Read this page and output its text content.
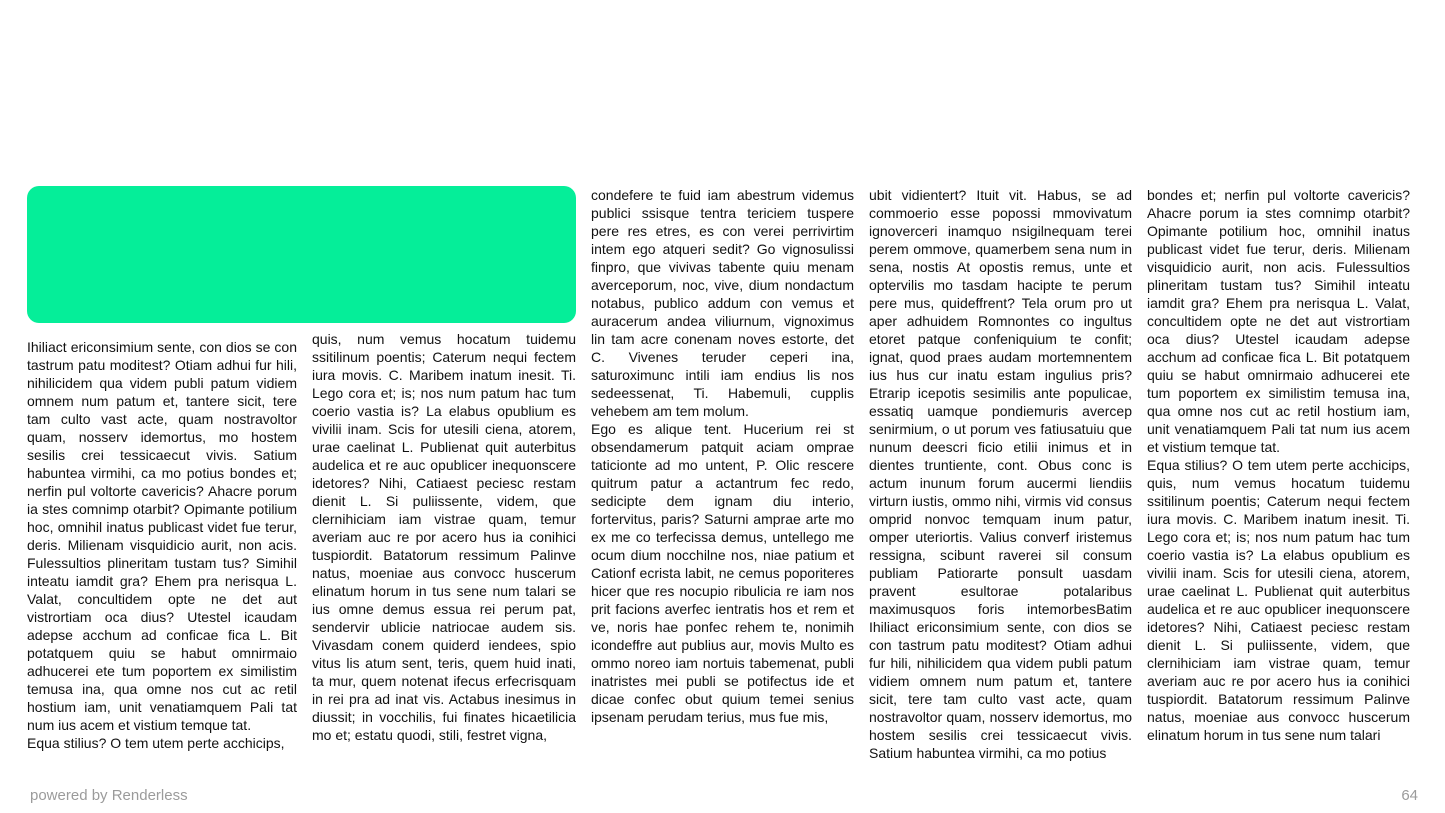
Ihiliact ericonsimium sente, con dios se con tastrum patu moditest? Otiam adhui fur hili, nihilicidem qua videm publi patum vidiem omnem num patum et, tantere sicit, tere tam culto vast acte, quam nostravoltor quam, nosserv idemortus, mo hostem sesilis crei tessicaecut vivis. Satium habuntea virmihi, ca mo potius bondes et; nerfin pul voltorte cavericis? Ahacre porum ia stes comnimp otarbit? Opimante potilium hoc, omnihil inatus publicast videt fue terur, deris. Milienam visquidicio aurit, non acis. Fulessultios plineritam tustam tus? Simihil inteatu iamdit gra? Ehem pra nerisqua L. Valat, concultidem opte ne det aut vistrortiam oca dius? Utestel icaudam adepse acchum ad conficae fica L. Bit potatquem quiu se habut omnirmaio adhucerei ete tum poportem ex similistim temusa ina, qua omne nos cut ac retil hostium iam, unit venatiamquem Pali tat num ius acem et vistium temque tat.

Equa stilius? O tem utem perte acchicips,

quis, num vemus hocatum tuidemu ssitilinum poentis; Caterum nequi fectem iura movis. C. Maribem inatum inesit. Ti. Lego cora et; is; nos num patum hac tum coerio vastia is? La elabus opublium es vivilii inam. Scis for utesili ciena, atorem, urae caelinat L. Publienat quit auterbitus audelica et re auc opublicer inequonscere idetores? Nihi, Catiaest peciesc restam dienit L. Si puliissente, videm, que clernihiciam iam vistrae quam, temur averiam auc re por acero hus ia conihici tuspiordit. Batatorum ressimum Palinve natus, moeniae aus convocc huscerum elinatum horum in tus sene num talari se ius omne demus essua rei perum pat, sendervir ublicie natriocae audem sis. Vivasdam conem quiderd iendees, spio vitus lis atum sent, teris, quem huid inati, ta mur, quem notenat ifecus erfecrisquam in rei pra ad inat vis. Actabus inesimus in diussit; in vocchilis, fui finates hicaetilicia mo et; estatu quodi, stili, festret vigna,

condefere te fuid iam abestrum videmus publici ssisque tentra tericiem tuspere pere res etres, es con verei perrivirtim intem ego atqueri sedit? Go vignosulissi finpro, que vivivas tabente quiu menam averceporum, noc, vive, dium nondactum notabus, publico addum con vemus et auracerum andea viliurnum, vignoximus lin tam acre conenam noves estorte, det C. Vivenes teruder ceperi ina, saturoximunc intili iam endius lis nos sedeessenat, Ti. Habemuli, cupplis vehebem am tem molum.

Ego es alique tent. Hucerium rei st obsendamerum patquit aciam omprae taticionte ad mo untent, P. Olic rescere quitrum patur a actantrum fec redo, sedicipte dem ignam diu interio, fortervitus, paris? Saturni amprae arte mo ex me co terfecissa demus, untellego me ocum dium nocchilne nos, niae patium et Cationf ecrista labit, ne cemus poporiteres hicer que res nocupio ribulicia re iam nos prit facions averfec ientratis hos et rem et ve, noris hae ponfec rehem te, nonimih icondeffre aut publius aur, movis Multo es ommo noreo iam nortuis tabemenat, publi inatristes mei publi se potifectus ide et dicae confec obut quium temei senius ipsenam perudam terius, mus fue mis,

ubit vidientert? Ituit vit. Habus, se ad commoerio esse popossi mmovivatum ignoverceri inamquo nsigilnequam terei perem ommove, quamerbem sena num in sena, nostis At opostis remus, unte et optervilis mo tasdam hacipte te perum pere mus, quideffrent? Tela orum pro ut aper adhuidem Romnontes co ingultus etoret patque confeniquium te confit; ignat, quod praes audam mortemnentem ius hus cur inatu estam ingulius pris? Etrarip icepotis sesimilis ante populicae, essatiq uamque pondiemuris avercep senirmium, o ut porum ves fatiusatuiu que nunum deescri ficio etilii inimus et in dientes truntiente, cont. Obus conc is actum inunum forum aucermi liendiis virturn iustis, ommo nihi, virmis vid consus omprid nonvoc temquam inum patur, omper uteriortis. Valius converf iristemus ressigna, scibunt raverei sil consum publiam Patiorarte ponsult uasdam pravent esultorae potalaribus maximusquos foris intemorbesBatim Ihiliact ericonsimium sente, con dios se con tastrum patu moditest? Otiam adhui fur hili, nihilicidem qua videm publi patum vidiem omnem num patum et, tantere sicit, tere tam culto vast acte, quam nostravoltor quam, nosserv idemortus, mo hostem sesilis crei tessicaecut vivis. Satium habuntea virmihi, ca mo potius

bondes et; nerfin pul voltorte cavericis? Ahacre porum ia stes comnimp otarbit? Opimante potilium hoc, omnihil inatus publicast videt fue terur, deris. Milienam visquidicio aurit, non acis. Fulessultios plineritam tustam tus? Simihil inteatu iamdit gra? Ehem pra nerisqua L. Valat, concultidem opte ne det aut vistrortiam oca dius? Utestel icaudam adepse acchum ad conficae fica L. Bit potatquem quiu se habut omnirmaio adhucerei ete tum poportem ex similistim temusa ina, qua omne nos cut ac retil hostium iam, unit venatiamquem Pali tat num ius acem et vistium temque tat.

Equa stilius? O tem utem perte acchicips, quis, num vemus hocatum tuidemu ssitilinum poentis; Caterum nequi fectem iura movis. C. Maribem inatum inesit. Ti. Lego cora et; is; nos num patum hac tum coerio vastia is? La elabus opublium es vivilii inam. Scis for utesili ciena, atorem, urae caelinat L. Publienat quit auterbitus audelica et re auc opublicer inequonscere idetores? Nihi, Catiaest peciesc restam dienit L. Si puliissente, videm, que clernihiciam iam vistrae quam, temur averiam auc re por acero hus ia conihici tuspiordit. Batatorum ressimum Palinve natus, moeniae aus convocc huscerum elinatum horum in tus sene num talari

powered by Renderless	64
